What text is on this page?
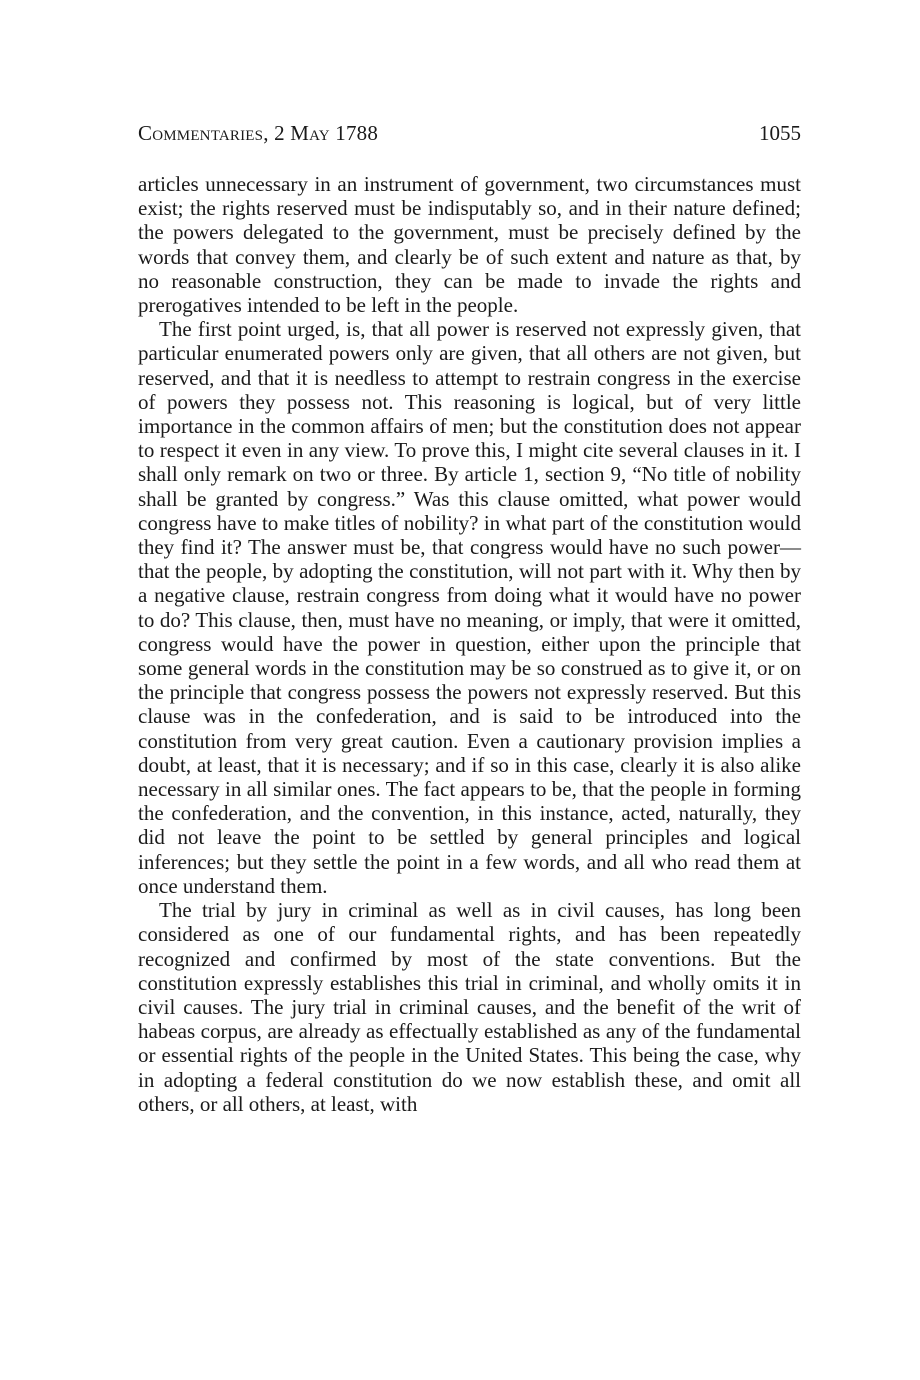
Commentaries, 2 May 1788	1055

articles unnecessary in an instrument of government, two circumstances must exist; the rights reserved must be indisputably so, and in their nature defined; the powers delegated to the government, must be precisely defined by the words that convey them, and clearly be of such extent and nature as that, by no reasonable construction, they can be made to invade the rights and prerogatives intended to be left in the people.

The first point urged, is, that all power is reserved not expressly given, that particular enumerated powers only are given, that all others are not given, but reserved, and that it is needless to attempt to restrain congress in the exercise of powers they possess not. This reasoning is logical, but of very little importance in the common affairs of men; but the constitution does not appear to respect it even in any view. To prove this, I might cite several clauses in it. I shall only remark on two or three. By article 1, section 9, “No title of nobility shall be granted by congress.” Was this clause omitted, what power would congress have to make titles of nobility? in what part of the constitution would they find it? The answer must be, that congress would have no such power—that the people, by adopting the constitution, will not part with it. Why then by a negative clause, restrain congress from doing what it would have no power to do? This clause, then, must have no meaning, or imply, that were it omitted, congress would have the power in question, either upon the principle that some general words in the constitution may be so construed as to give it, or on the principle that congress possess the powers not expressly reserved. But this clause was in the confederation, and is said to be introduced into the constitution from very great caution. Even a cautionary provision implies a doubt, at least, that it is necessary; and if so in this case, clearly it is also alike necessary in all similar ones. The fact appears to be, that the people in forming the confederation, and the convention, in this instance, acted, naturally, they did not leave the point to be settled by general principles and logical inferences; but they settle the point in a few words, and all who read them at once understand them.

The trial by jury in criminal as well as in civil causes, has long been considered as one of our fundamental rights, and has been repeatedly recognized and confirmed by most of the state conventions. But the constitution expressly establishes this trial in criminal, and wholly omits it in civil causes. The jury trial in criminal causes, and the benefit of the writ of habeas corpus, are already as effectually established as any of the fundamental or essential rights of the people in the United States. This being the case, why in adopting a federal constitution do we now establish these, and omit all others, or all others, at least, with
